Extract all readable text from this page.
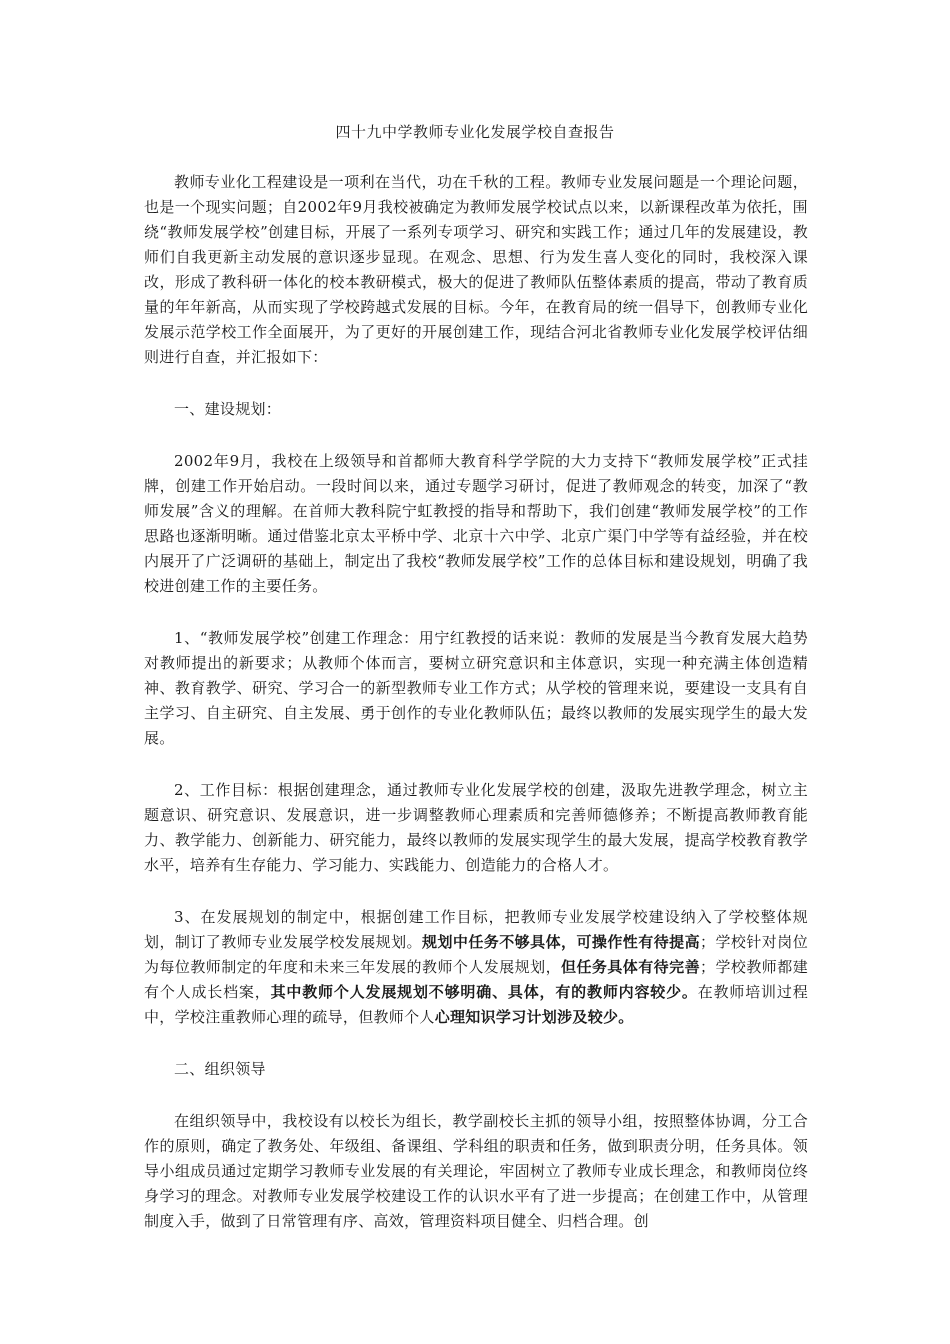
四十九中学教师专业化发展学校自查报告

教师专业化工程建设是一项利在当代，功在千秋的工程。教师专业发展问题是一个理论问题，也是一个现实问题；自2002年9月我校被确定为教师发展学校试点以来，以新课程改革为依托，围绕“教师发展学校”创建目标，开展了一系列专项学习、研究和实践工作；通过几年的发展建设，教师们自我更新主动发展的意识逐步显现。在观念、思想、行为发生喜人变化的同时，我校深入课改，形成了教科研一体化的校本教研模式，极大的促进了教师队伍整体素质的提高，带动了教育质量的年年新高，从而实现了学校跨越式发展的目标。今年，在教育局的统一倡导下，创教师专业化发展示范学校工作全面展开，为了更好的开展创建工作，现结合河北省教师专业化发展学校评估细则进行自查，并汇报如下：

一、建设规划：

2002年9月，我校在上级领导和首都师大教育科学学院的大力支持下“教师发展学校”正式挂牌，创建工作开始启动。一段时间以来，通过专题学习研讨，促进了教师观念的转变，加深了“教师发展”含义的理解。在首师大教科院宁虹教授的指导和帮助下，我们创建“教师发展学校”的工作思路也逐渐明晰。通过借鉴北京太平桥中学、北京十六中学、北京广渠门中学等有益经验，并在校内展开了广泛调研的基础上，制定出了我校“教师发展学校”工作的总体目标和建设规划，明确了我校进创建工作的主要任务。

1、“教师发展学校”创建工作理念：用宁红教授的话来说：教师的发展是当今教育发展大趋势对教师提出的新要求；从教师个体而言，要树立研究意识和主体意识，实现一种充满主体创造精神、教育教学、研究、学习合一的新型教师专业工作方式；从学校的管理来说，要建设一支具有自主学习、自主研究、自主发展、勇于创作的专业化教师队伍；最终以教师的发展实现学生的最大发展。

2、工作目标：根据创建理念，通过教师专业化发展学校的创建，汲取先进教学理念，树立主题意识、研究意识、发展意识，进一步调整教师心理素质和完善师德修养；不断提高教师教育能力、教学能力、创新能力、研究能力，最终以教师的发展实现学生的最大发展，提高学校教育教学水平，培养有生存能力、学习能力、实践能力、创造能力的合格人才。

3、在发展规划的制定中，根据创建工作目标，把教师专业发展学校建设纳入了学校整体规划，制订了教师专业发展学校发展规划。规划中任务不够具体，可操作性有待提高；学校针对岗位为每位教师制定的年度和未来三年发展的教师个人发展规划，但任务具体有待完善；学校教师都建有个人成长档案，其中教师个人发展规划不够明确、具体，有的教师内容较少。在教师培训过程中，学校注重教师心理的疏导，但教师个人心理知识学习计划涉及较少。

二、组织领导

在组织领导中，我校设有以校长为组长，教学副校长主抓的领导小组，按照整体协调，分工合作的原则，确定了教务处、年级组、备课组、学科组的职责和任务，做到职责分明，任务具体。领导小组成员通过定期学习教师专业发展的有关理论，牢固树立了教师专业成长理念，和教师岗位终身学习的理念。对教师专业发展学校建设工作的认识水平有了进一步提高；在创建工作中，从管理制度入手，做到了日常管理有序、高效，管理资料项目健全、归档合理。创
